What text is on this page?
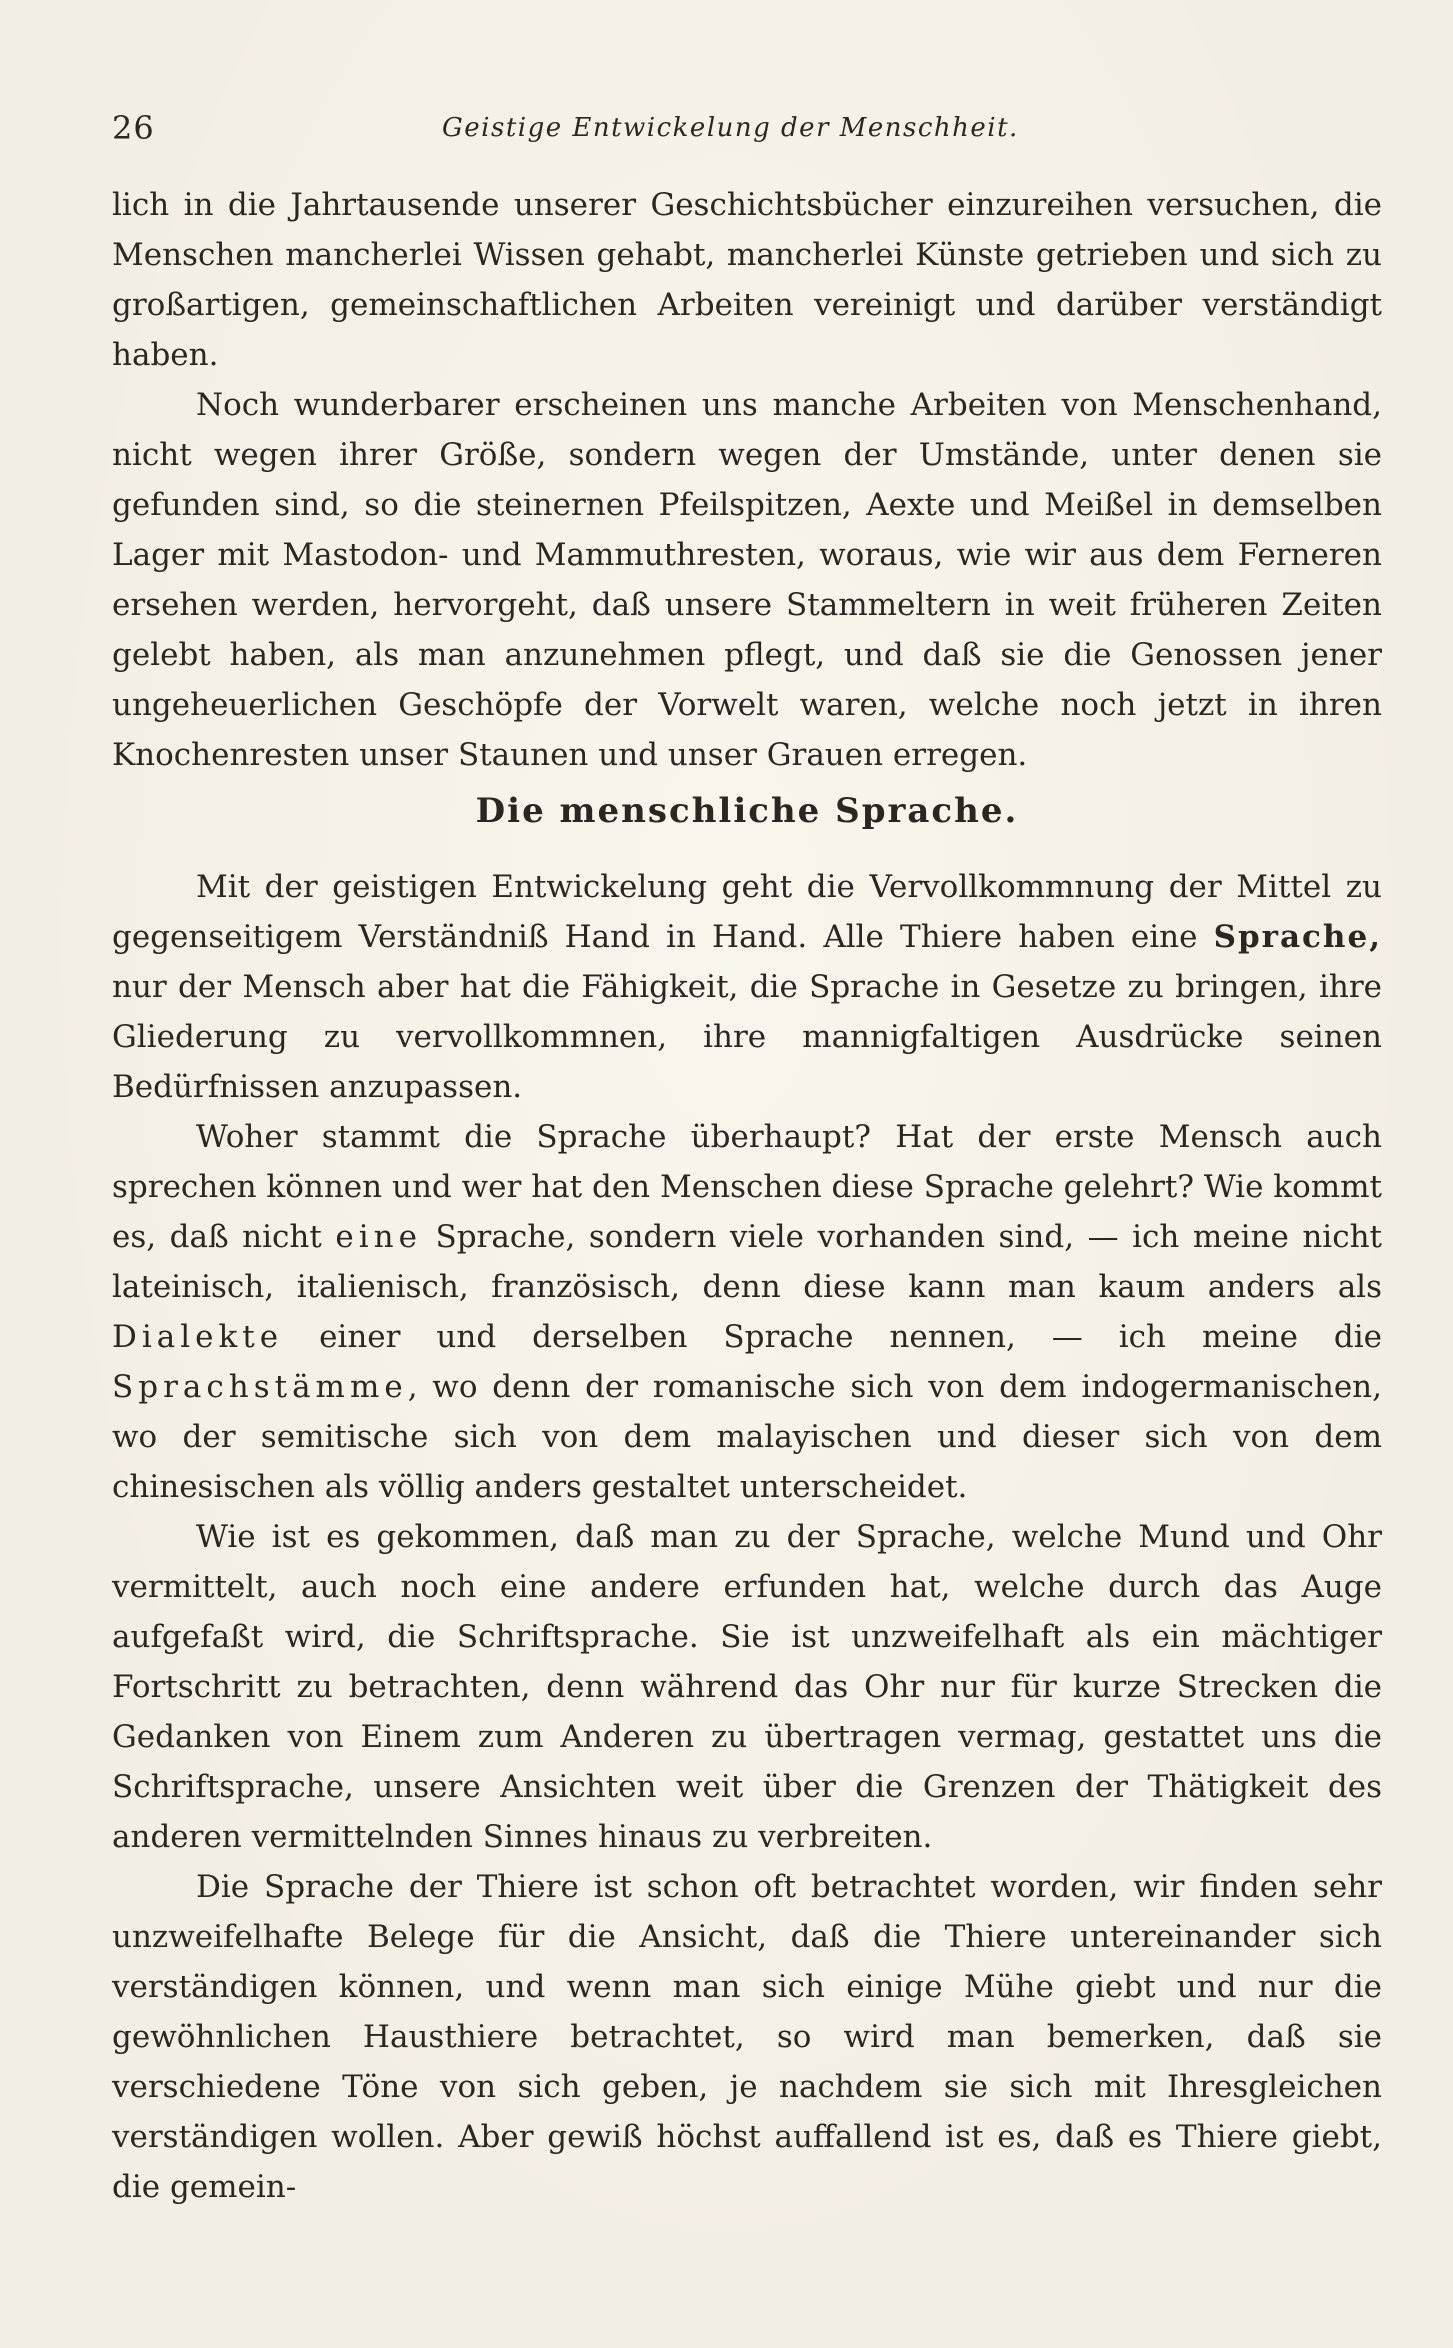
26	Geistige Entwickelung der Menschheit.

lich in die Jahrtausende unserer Geschichtsbücher einzureihen versuchen, die Menschen mancherlei Wissen gehabt, mancherlei Künste getrieben und sich zu großartigen, gemeinschaftlichen Arbeiten vereinigt und darüber verständigt haben.

Noch wunderbarer erscheinen uns manche Arbeiten von Menschenhand, nicht wegen ihrer Größe, sondern wegen der Umstände, unter denen sie gefunden sind, so die steinernen Pfeilspitzen, Aexte und Meißel in demselben Lager mit Mastodon- und Mammuthresten, woraus, wie wir aus dem Ferneren ersehen werden, hervorgeht, daß unsere Stammeltern in weit früheren Zeiten gelebt haben, als man anzunehmen pflegt, und daß sie die Genossen jener ungeheuerlichen Geschöpfe der Vorwelt waren, welche noch jetzt in ihren Knochenresten unser Staunen und unser Grauen erregen.

Die menschliche Sprache.

Mit der geistigen Entwickelung geht die Vervollkommnung der Mittel zu gegenseitigem Verständniß Hand in Hand. Alle Thiere haben eine Sprache, nur der Mensch aber hat die Fähigkeit, die Sprache in Gesetze zu bringen, ihre Gliederung zu vervollkommnen, ihre mannigfaltigen Ausdrücke seinen Bedürfnissen anzupassen.

Woher stammt die Sprache überhaupt? Hat der erste Mensch auch sprechen können und wer hat den Menschen diese Sprache gelehrt? Wie kommt es, daß nicht eine Sprache, sondern viele vorhanden sind, — ich meine nicht lateinisch, italienisch, französisch, denn diese kann man kaum anders als Dialekte einer und derselben Sprache nennen, — ich meine die Sprachstämme, wo denn der romanische sich von dem indogermanischen, wo der semitische sich von dem malayischen und dieser sich von dem chinesischen als völlig anders gestaltet unterscheidet.

Wie ist es gekommen, daß man zu der Sprache, welche Mund und Ohr vermittelt, auch noch eine andere erfunden hat, welche durch das Auge aufgefaßt wird, die Schriftsprache. Sie ist unzweifelhaft als ein mächtiger Fortschritt zu betrachten, denn während das Ohr nur für kurze Strecken die Gedanken von Einem zum Anderen zu übertragen vermag, gestattet uns die Schriftsprache, unsere Ansichten weit über die Grenzen der Thätigkeit des anderen vermittelnden Sinnes hinaus zu verbreiten.

Die Sprache der Thiere ist schon oft betrachtet worden, wir finden sehr unzweifelhafte Belege für die Ansicht, daß die Thiere untereinander sich verständigen können, und wenn man sich einige Mühe giebt und nur die gewöhnlichen Hausthiere betrachtet, so wird man bemerken, daß sie verschiedene Töne von sich geben, je nachdem sie sich mit Ihresgleichen verständigen wollen. Aber gewiß höchst auffallend ist es, daß es Thiere giebt, die gemein-
